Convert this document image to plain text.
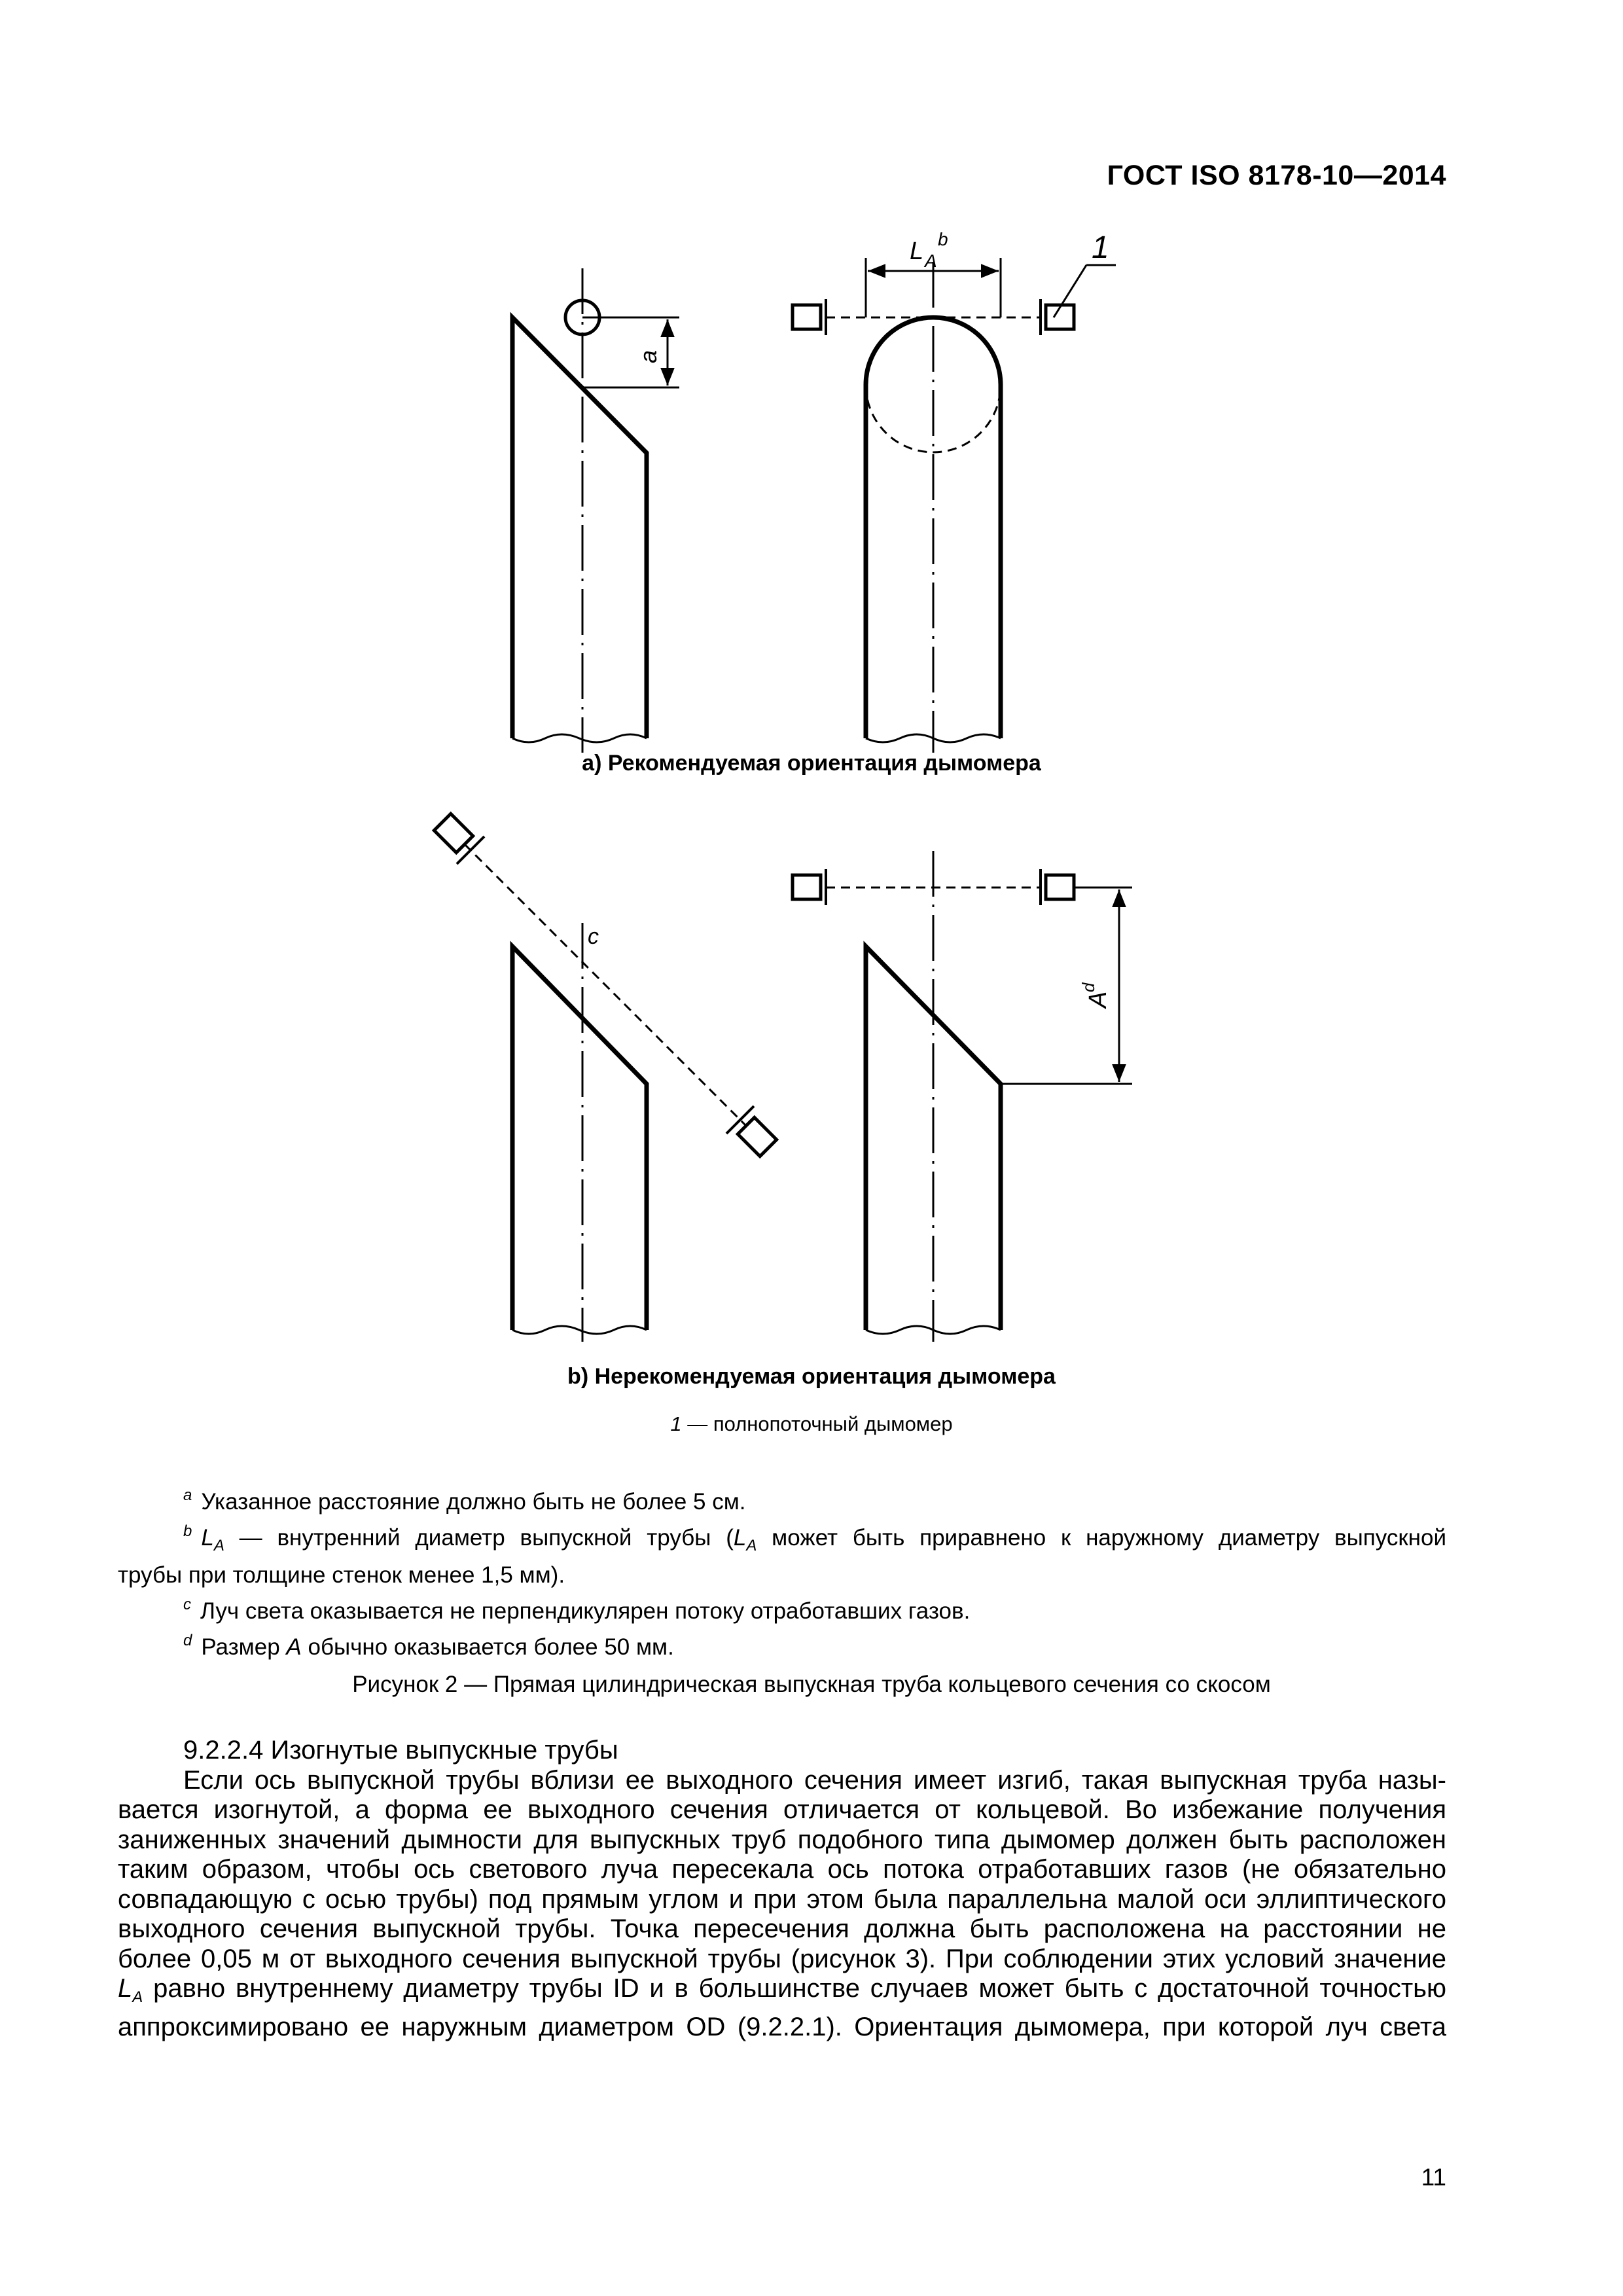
ГОСТ ISO 8178-10—2014
a
LAb	1
c
Ad
a) Рекомендуемая ориентация дымомера
b) Нерекомендуемая ориентация дымомера
1 — полнопоточный дымомер

$^a$ Указанное расстояние должно быть не более 5 см.

$^b$ $L_A$ — внутренний диаметр выпускной трубы ($L_A$ может быть приравнено к наружному диаметру выпускной

трубы при толщине стенок менее 1,5 мм).

$^c$ Луч света оказывается не перпендикулярен потоку отработавших газов.

$^d$ Размер A обычно оказывается более 50 мм.

Рисунок 2 — Прямая цилиндрическая выпускная труба кольцевого сечения со скосом

9.2.2.4 Изогнутые выпускные трубы

Если ось выпускной трубы вблизи ее выходного сечения имеет изгиб, такая выпускная труба назы-

вается изогнутой, а форма ее выходного сечения отличается от кольцевой. Во избежание получения

заниженных значений дымности для выпускных труб подобного типа дымомер должен быть расположен

таким образом, чтобы ось светового луча пересекала ось потока отработавших газов (не обязательно

совпадающую с осью трубы) под прямым углом и при этом была параллельна малой оси эллиптического

выходного сечения выпускной трубы. Точка пересечения должна быть расположена на расстоянии не

более 0,05 м от выходного сечения выпускной трубы (рисунок 3). При соблюдении этих условий значение

$L_A$ равно внутреннему диаметру трубы ID и в большинстве случаев может быть с достаточной точностью

аппроксимировано ее наружным диаметром OD (9.2.2.1). Ориентация дымомера, при которой луч света

11
